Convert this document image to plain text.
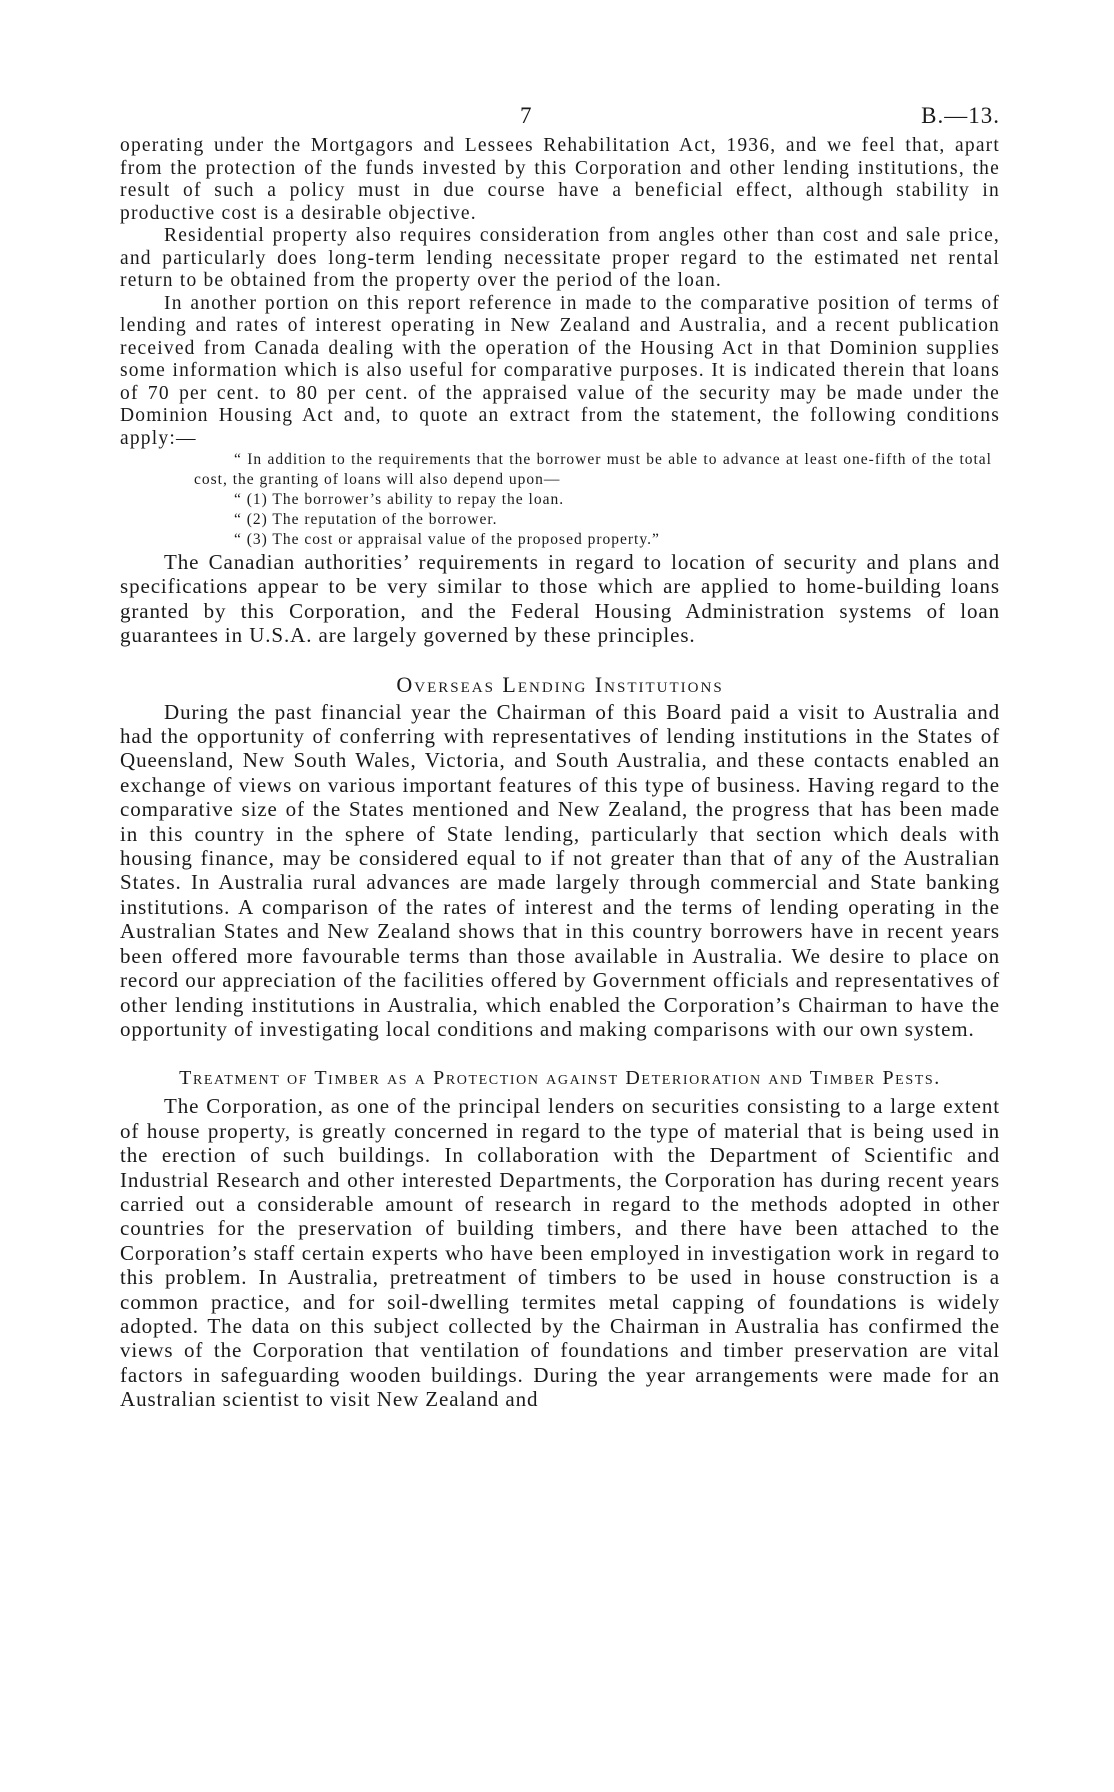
7	B.—13.

operating under the Mortgagors and Lessees Rehabilitation Act, 1936, and we feel that, apart from the protection of the funds invested by this Corporation and other lending institutions, the result of such a policy must in due course have a beneficial effect, although stability in productive cost is a desirable objective.

Residential property also requires consideration from angles other than cost and sale price, and particularly does long-term lending necessitate proper regard to the estimated net rental return to be obtained from the property over the period of the loan.

In another portion on this report reference in made to the comparative position of terms of lending and rates of interest operating in New Zealand and Australia, and a recent publication received from Canada dealing with the operation of the Housing Act in that Dominion supplies some information which is also useful for comparative purposes. It is indicated therein that loans of 70 per cent. to 80 per cent. of the appraised value of the security may be made under the Dominion Housing Act and, to quote an extract from the statement, the following conditions apply:—

“ In addition to the requirements that the borrower must be able to advance at least one-fifth of the total cost, the granting of loans will also depend upon—

“ (1) The borrower’s ability to repay the loan.

“ (2) The reputation of the borrower.

“ (3) The cost or appraisal value of the proposed property.”

The Canadian authorities’ requirements in regard to location of security and plans and specifications appear to be very similar to those which are applied to home-building loans granted by this Corporation, and the Federal Housing Administration systems of loan guarantees in U.S.A. are largely governed by these principles.

Overseas Lending Institutions

During the past financial year the Chairman of this Board paid a visit to Australia and had the opportunity of conferring with representatives of lending institutions in the States of Queensland, New South Wales, Victoria, and South Australia, and these contacts enabled an exchange of views on various important features of this type of business. Having regard to the comparative size of the States mentioned and New Zealand, the progress that has been made in this country in the sphere of State lending, particularly that section which deals with housing finance, may be considered equal to if not greater than that of any of the Australian States. In Australia rural advances are made largely through commercial and State banking institutions. A comparison of the rates of interest and the terms of lending operating in the Australian States and New Zealand shows that in this country borrowers have in recent years been offered more favourable terms than those available in Australia. We desire to place on record our appreciation of the facilities offered by Government officials and representatives of other lending institutions in Australia, which enabled the Corporation’s Chairman to have the opportunity of investigating local conditions and making comparisons with our own system.

Treatment of Timber as a Protection against Deterioration and Timber Pests.

The Corporation, as one of the principal lenders on securities consisting to a large extent of house property, is greatly concerned in regard to the type of material that is being used in the erection of such buildings. In collaboration with the Department of Scientific and Industrial Research and other interested Departments, the Corporation has during recent years carried out a considerable amount of research in regard to the methods adopted in other countries for the preservation of building timbers, and there have been attached to the Corporation’s staff certain experts who have been employed in investigation work in regard to this problem. In Australia, pretreatment of timbers to be used in house construction is a common practice, and for soil-dwelling termites metal capping of foundations is widely adopted. The data on this subject collected by the Chairman in Australia has confirmed the views of the Corporation that ventilation of foundations and timber preservation are vital factors in safeguarding wooden buildings. During the year arrangements were made for an Australian scientist to visit New Zealand and
